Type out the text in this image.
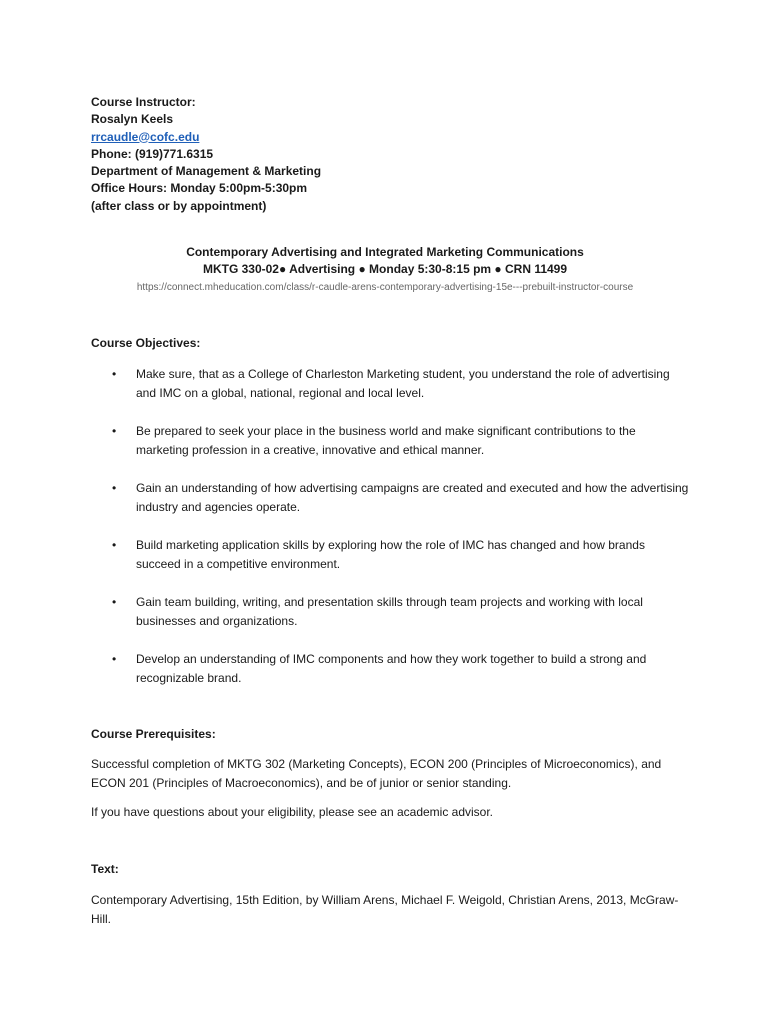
Course Instructor:
Rosalyn Keels
rrcaudle@cofc.edu
Phone: (919)771.6315
Department of Management & Marketing
Office Hours: Monday 5:00pm-5:30pm
(after class or by appointment)
Contemporary Advertising and Integrated Marketing Communications
MKTG 330-02● Advertising ● Monday 5:30-8:15 pm ● CRN 11499
https://connect.mheducation.com/class/r-caudle-arens-contemporary-advertising-15e---prebuilt-instructor-course
Course Objectives:
• Make sure, that as a College of Charleston Marketing student, you understand the role of advertising and IMC on a global, national, regional and local level.
• Be prepared to seek your place in the business world and make significant contributions to the marketing profession in a creative, innovative and ethical manner.
• Gain an understanding of how advertising campaigns are created and executed and how the advertising industry and agencies operate.
• Build marketing application skills by exploring how the role of IMC has changed and how brands succeed in a competitive environment.
• Gain team building, writing, and presentation skills through team projects and working with local businesses and organizations.
• Develop an understanding of IMC components and how they work together to build a strong and recognizable brand.
Course Prerequisites:
Successful completion of MKTG 302 (Marketing Concepts), ECON 200 (Principles of Microeconomics), and ECON 201 (Principles of Macroeconomics), and be of junior or senior standing.
If you have questions about your eligibility, please see an academic advisor.
Text:
Contemporary Advertising, 15th Edition, by William Arens, Michael F. Weigold, Christian Arens, 2013, McGraw-Hill.
